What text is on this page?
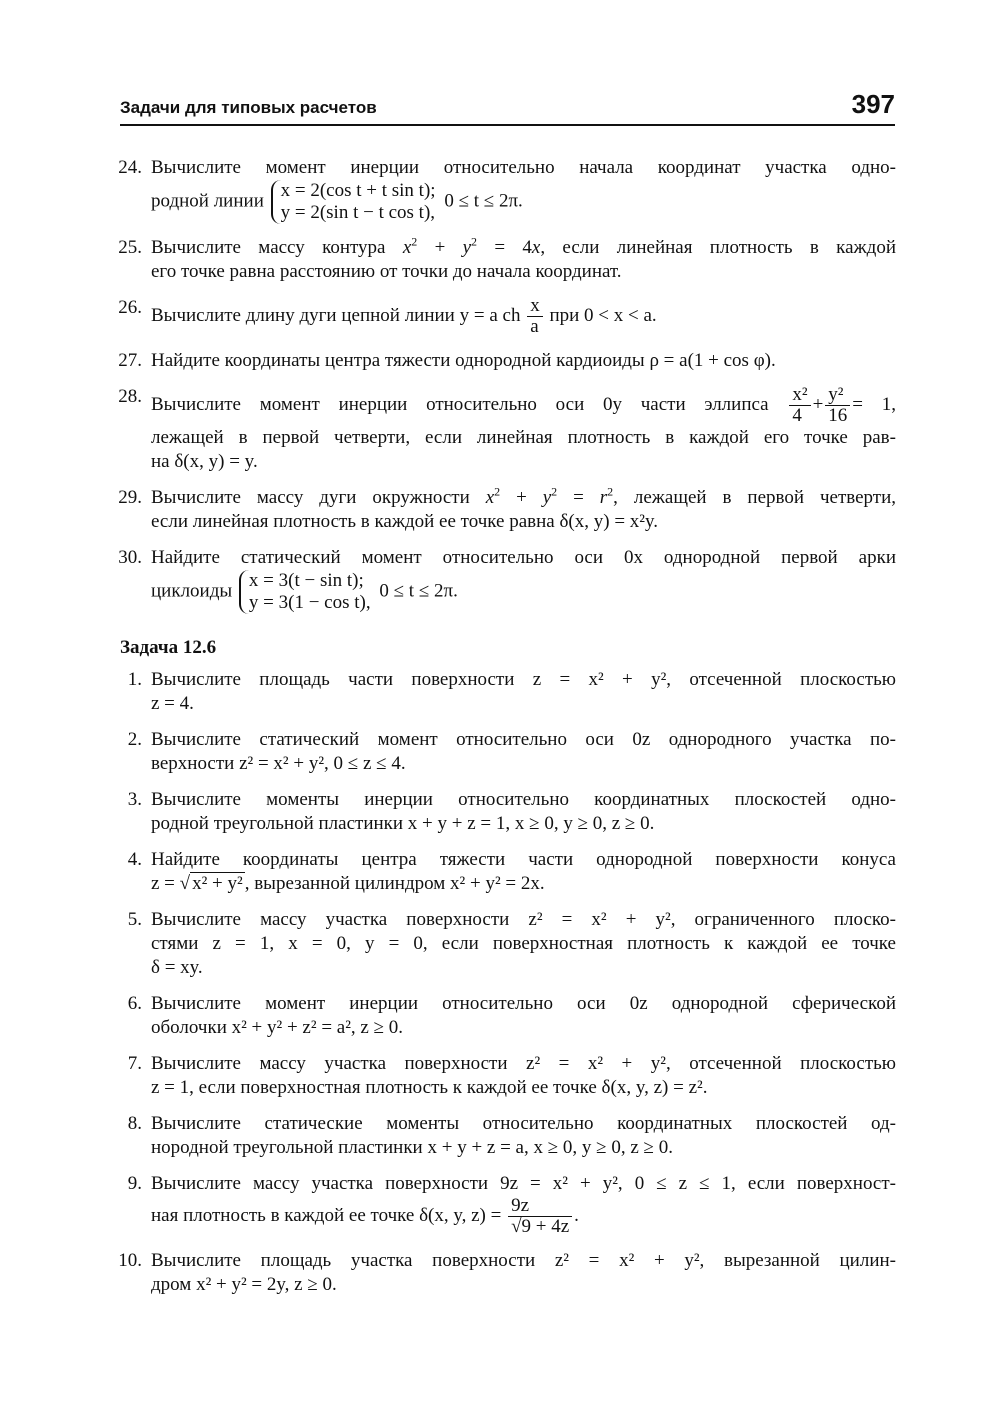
Задачи для типовых расчетов	397
24. Вычислите момент инерции относительно начала координат участка одно-
родной линии x = 2(cos t + t sin t);
y = 2(sin t − t cos t),
0 ≤ t ≤ 2π.
25. Вычислите массу контура $x^2 + y^2 = 4x$, если линейная плотность в каждой
его точке равна расстоянию от точки до начала координат.
26. Вычислите длину дуги цепной линии y = a ch $\frac{x}{a}$ при 0 < x < a.
27. Найдите координаты центра тяжести однородной кардиоиды ρ = a(1 + cos φ).
28. Вычислите момент инерции относительно оси 0y части эллипса $\frac{\text{x²}}{4} + \frac{\text{y²}}{16} = 1$,
лежащей в первой четверти, если линейная плотность в каждой его точке рав-
на δ(x, y) = y.
29. Вычислите массу дуги окружности $x^2 + y^2 = r^2$, лежащей в первой четверти,
если линейная плотность в каждой ее точке равна δ(x, y) = x²y.
30. Найдите статический момент относительно оси 0x однородной первой арки
циклоиды x = 3(t − sin t);
y = 3(1 − cos t),
0 ≤ t ≤ 2π.
Задача 12.6
1. Вычислите площадь части поверхности z = x² + y², отсеченной плоскостью
z = 4.
2. Вычислите статический момент относительно оси 0z однородного участка по-
верхности z² = x² + y², 0 ≤ z ≤ 4.
3. Вычислите моменты инерции относительно координатных плоскостей одно-
родной треугольной пластинки x + y + z = 1, x ≥ 0, y ≥ 0, z ≥ 0.
4. Найдите координаты центра тяжести части однородной поверхности конуса
z = √ x² + y² , вырезанной цилиндром x² + y² = 2x.
5. Вычислите массу участка поверхности z² = x² + y², ограниченного плоско-
стями z = 1, x = 0, y = 0, если поверхностная плотность к каждой ее точке
δ = xy.
6. Вычислите момент инерции относительно оси 0z однородной сферической
оболочки x² + y² + z² = a², z ≥ 0.
7. Вычислите массу участка поверхности z² = x² + y², отсеченной плоскостью
z = 1, если поверхностная плотность к каждой ее точке δ(x, y, z) = z².
8. Вычислите статические моменты относительно координатных плоскостей од-
нородной треугольной пластинки x + y + z = a, x ≥ 0, y ≥ 0, z ≥ 0.
9. Вычислите массу участка поверхности 9z = x² + y², 0 ≤ z ≤ 1, если поверхност-
ная плотность в каждой ее точке δ(x, y, $z) = \frac{9z}{√9 + 4z}$ .
10. Вычислите площадь участка поверхности z² = x² + y², вырезанной цилин-
дром x² + y² = 2y, z ≥ 0.
